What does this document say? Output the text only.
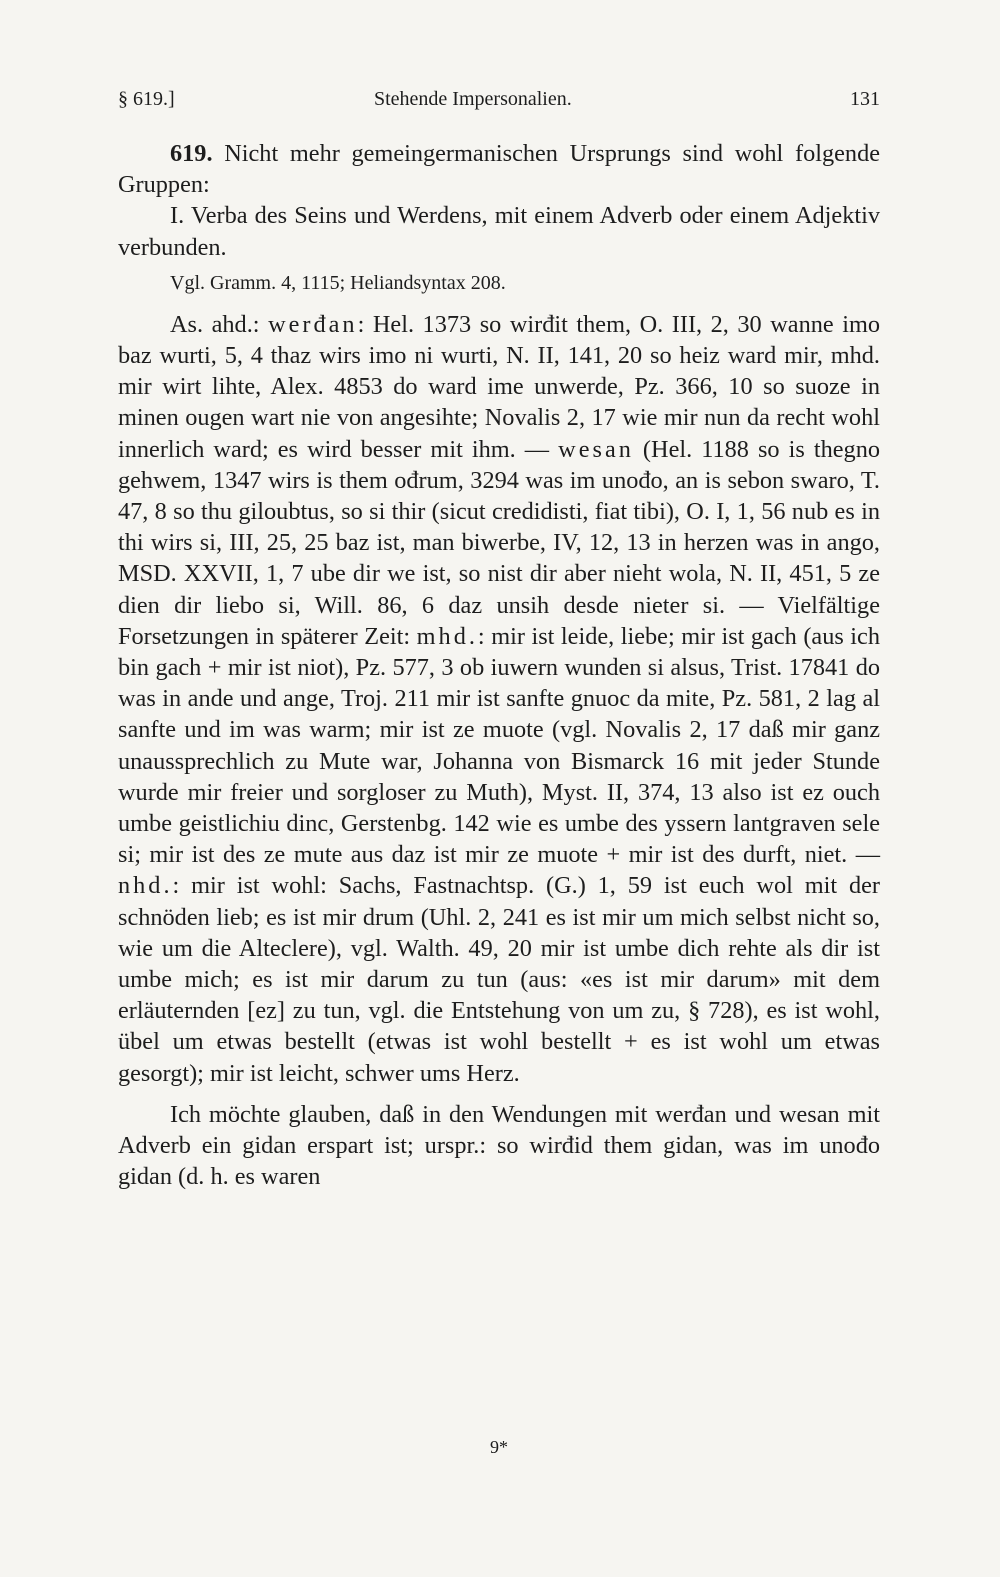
§ 619.]	Stehende Impersonalien.	131

619. Nicht mehr gemeingermanischen Ursprungs sind wohl folgende Gruppen:

I. Verba des Seins und Werdens, mit einem Adverb oder einem Adjektiv verbunden.

Vgl. Gramm. 4, 1115; Heliandsyntax 208.

As. ahd.: werđan: Hel. 1373 so wirđit them, O. III, 2, 30 wanne imo baz wurti, 5, 4 thaz wirs imo ni wurti, N. II, 141, 20 so heiz ward mir, mhd. mir wirt lihte, Alex. 4853 do ward ime unwerde, Pz. 366, 10 so suoze in minen ougen wart nie von angesihte; Novalis 2, 17 wie mir nun da recht wohl innerlich ward; es wird besser mit ihm. — wesan (Hel. 1188 so is thegno gehwem, 1347 wirs is them ođrum, 3294 was im unođo, an is sebon swaro, T. 47, 8 so thu giloubtus, so si thir (sicut credidisti, fiat tibi), O. I, 1, 56 nub es in thi wirs si, III, 25, 25 baz ist, man biwerbe, IV, 12, 13 in herzen was in ango, MSD. XXVII, 1, 7 ube dir we ist, so nist dir aber nieht wola, N. II, 451, 5 ze dien dir liebo si, Will. 86, 6 daz unsih desde nieter si. — Vielfältige Forsetzungen in späterer Zeit: mhd.: mir ist leide, liebe; mir ist gach (aus ich bin gach + mir ist niot), Pz. 577, 3 ob iuwern wunden si alsus, Trist. 17841 do was in ande und ange, Troj. 211 mir ist sanfte gnuoc da mite, Pz. 581, 2 lag al sanfte und im was warm; mir ist ze muote (vgl. Novalis 2, 17 daß mir ganz unaussprechlich zu Mute war, Johanna von Bismarck 16 mit jeder Stunde wurde mir freier und sorgloser zu Muth), Myst. II, 374, 13 also ist ez ouch umbe geistlichiu dinc, Gerstenbg. 142 wie es umbe des yssern lantgraven sele si; mir ist des ze mute aus daz ist mir ze muote + mir ist des durft, niet. — nhd.: mir ist wohl: Sachs, Fastnachtsp. (G.) 1, 59 ist euch wol mit der schnöden lieb; es ist mir drum (Uhl. 2, 241 es ist mir um mich selbst nicht so, wie um die Alteclere), vgl. Walth. 49, 20 mir ist umbe dich rehte als dir ist umbe mich; es ist mir darum zu tun (aus: «es ist mir darum» mit dem erläuternden [ez] zu tun, vgl. die Entstehung von um zu, § 728), es ist wohl, übel um etwas bestellt (etwas ist wohl bestellt + es ist wohl um etwas gesorgt); mir ist leicht, schwer ums Herz.

Ich möchte glauben, daß in den Wendungen mit werđan und wesan mit Adverb ein gidan erspart ist; urspr.: so wirđid them gidan, was im unođo gidan (d. h. es waren

9*
